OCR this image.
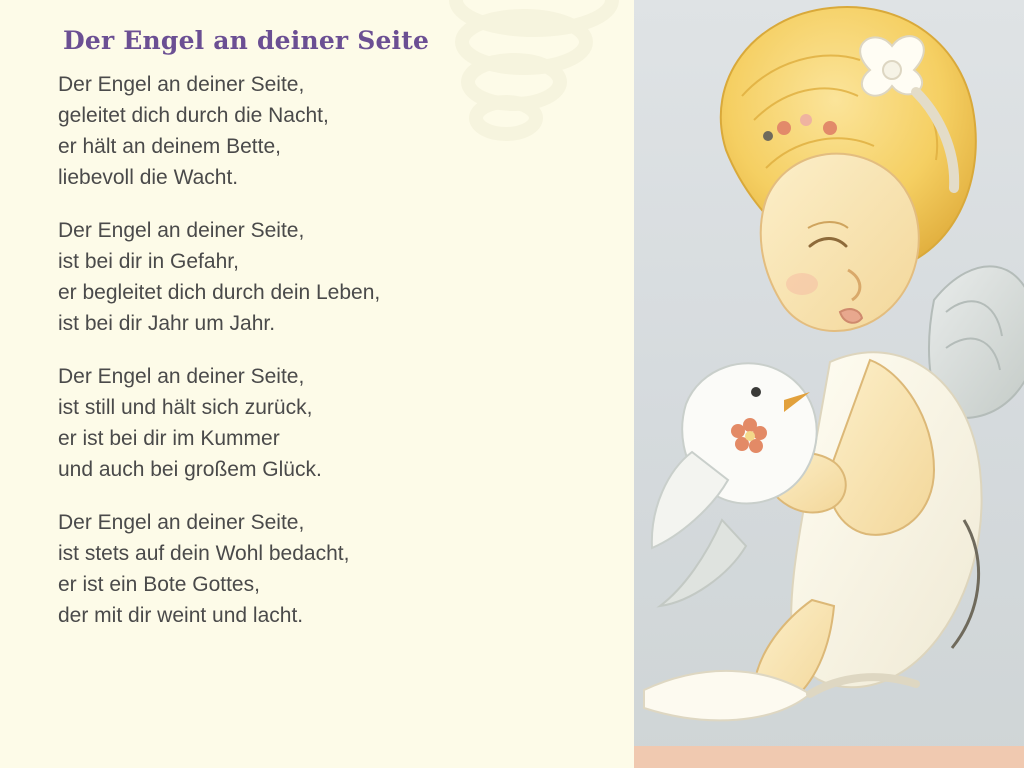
Der Engel an deiner Seite

Der Engel an deiner Seite,
geleitet dich durch die Nacht,
er hält an deinem Bette,
liebevoll die Wacht.

Der Engel an deiner Seite,
ist bei dir in Gefahr,
er begleitet dich durch dein Leben,
ist bei dir Jahr um Jahr.

Der Engel an deiner Seite,
ist still und hält sich zurück,
er ist bei dir im Kummer
und auch bei großem Glück.

Der Engel an deiner Seite,
ist stets auf dein Wohl bedacht,
er ist ein Bote Gottes,
der mit dir weint und lacht.
